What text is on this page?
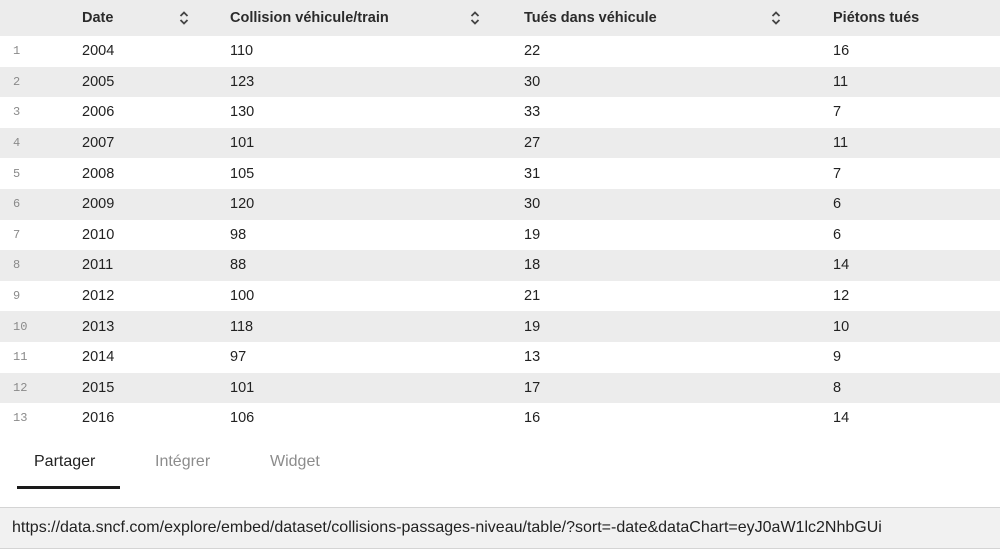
	Date	Collision véhicule/train	Tués dans véhicule	Piétons tués
1	2004	110	22	16
2	2005	123	30	11
3	2006	130	33	7
4	2007	101	27	11
5	2008	105	31	7
6	2009	120	30	6
7	2010	98	19	6
8	2011	88	18	14
9	2012	100	21	12
10	2013	118	19	10
11	2014	97	13	9
12	2015	101	17	8
13	2016	106	16	14
Partager	Intégrer	Widget
https://data.sncf.com/explore/embed/dataset/collisions-passages-niveau/table/?sort=-date&dataChart=eyJ0aW1lc2NhbGUi
